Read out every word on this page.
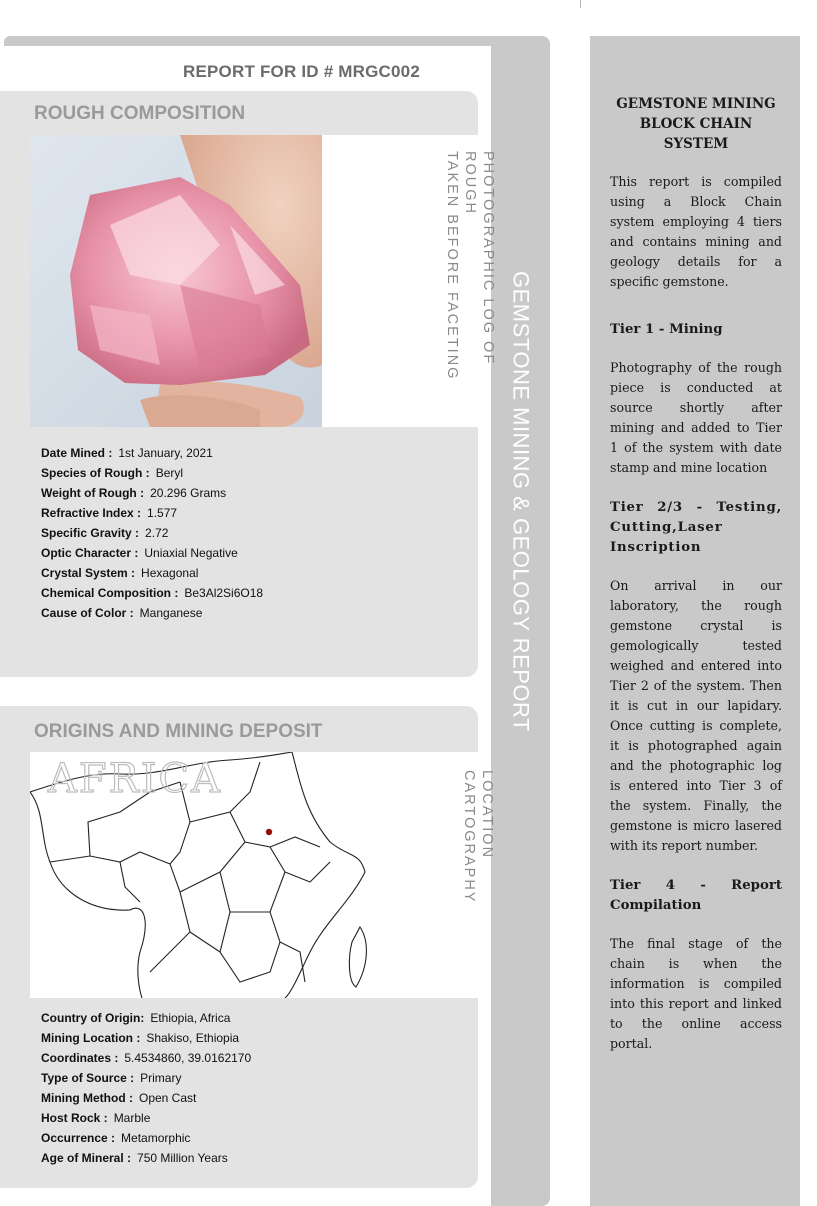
REPORT FOR ID # MRGC002
GEMSTONE MINING & GEOLOGY REPORT
ROUGH COMPOSITION
PHOTOGRAPHIC LOG OF ROUGH
TAKEN BEFORE FACETING
Date Mined : 1st January, 2021
Species of Rough : Beryl
Weight of Rough : 20.296 Grams
Refractive Index : 1.577
Specific Gravity : 2.72
Optic Character : Uniaxial Negative
Crystal System : Hexagonal
Chemical Composition : Be3Al2Si6O18
Cause of Color : Manganese
ORIGINS AND MINING DEPOSIT
AFRICA	LOCATION CARTOGRAPHY
Country of Origin: Ethiopia, Africa
Mining Location : Shakiso, Ethiopia
Coordinates : 5.4534860, 39.0162170
Type of Source : Primary
Mining Method : Open Cast
Host Rock : Marble
Occurrence : Metamorphic
Age of Mineral : 750 Million Years
GEMSTONE MINING BLOCK CHAIN SYSTEM

This report is compiled using a Block Chain system employing 4 tiers and contains mining and geology details for a specific gemstone.

Tier 1 - Mining

Photography of the rough piece is conducted at source shortly after mining and added to Tier 1 of the system with date stamp and mine location

Tier 2/3 - Testing, Cutting,Laser Inscription

On arrival in our laboratory, the rough gemstone crystal is gemologically tested weighed and entered into Tier 2 of the system. Then it is cut in our lapidary. Once cutting is complete, it is photographed again and the photographic log is entered into Tier 3 of the system. Finally, the gemstone is micro lasered with its report number.

Tier 4 - Report Compilation

The final stage of the chain is when the information is compiled into this report and linked to the online access portal.
